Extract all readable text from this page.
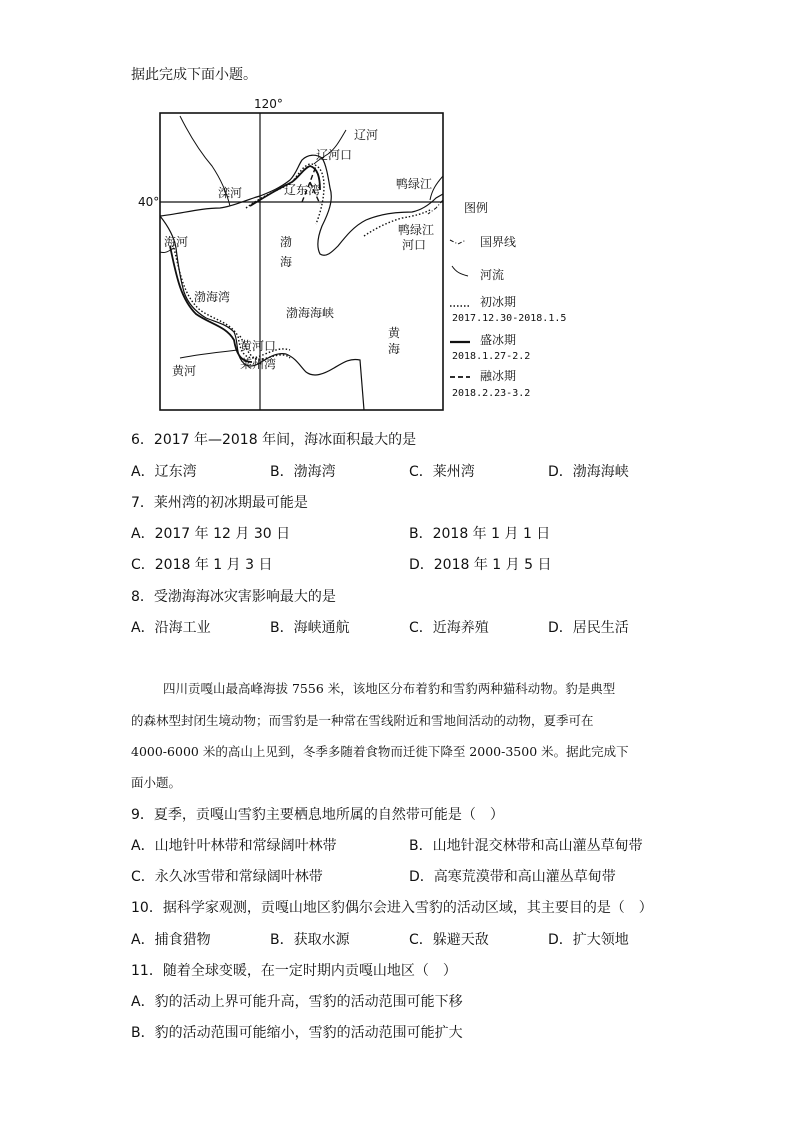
据此完成下面小题。
120°
40°
辽河
辽河口
滦河	辽东湾	鸭绿江
鸭绿江
河口
海河	渤
海
渤海湾
渤海海峡
黄
海
黄河口
莱州湾
黄河
图例
国界线
河流
初冰期
2017.12.30-2018.1.5
盛冰期
2018.1.27-2.2
融冰期
2018.2.23-3.2
6．2017 年—2018 年间，海冰面积最大的是
A．辽东湾	B．渤海湾	C．莱州湾	D．渤海海峡
7．莱州湾的初冰期最可能是
A．2017 年 12 月 30 日	B．2018 年 1 月 1 日
C．2018 年 1 月 3 日	D．2018 年 1 月 5 日
8．受渤海海冰灾害影响最大的是
A．沿海工业	B．海峡通航	C．近海养殖	D．居民生活
四川贡嘎山最高峰海拔 7556 米，该地区分布着豹和雪豹两种猫科动物。豹是典型
的森林型封闭生境动物；而雪豹是一种常在雪线附近和雪地间活动的动物，夏季可在
4000-6000 米的高山上见到，冬季多随着食物而迁徙下降至 2000-3500 米。据此完成下
面小题。
9．夏季，贡嘎山雪豹主要栖息地所属的自然带可能是（　）
A．山地针叶林带和常绿阔叶林带	B．山地针混交林带和高山灌丛草甸带
C．永久冰雪带和常绿阔叶林带	D．高寒荒漠带和高山灌丛草甸带
10．据科学家观测，贡嘎山地区豹偶尔会进入雪豹的活动区域，其主要目的是（　）
A．捕食猎物	B．获取水源	C．躲避天敌	D．扩大领地
11．随着全球变暖，在一定时期内贡嘎山地区（　）
A．豹的活动上界可能升高，雪豹的活动范围可能下移
B．豹的活动范围可能缩小，雪豹的活动范围可能扩大
